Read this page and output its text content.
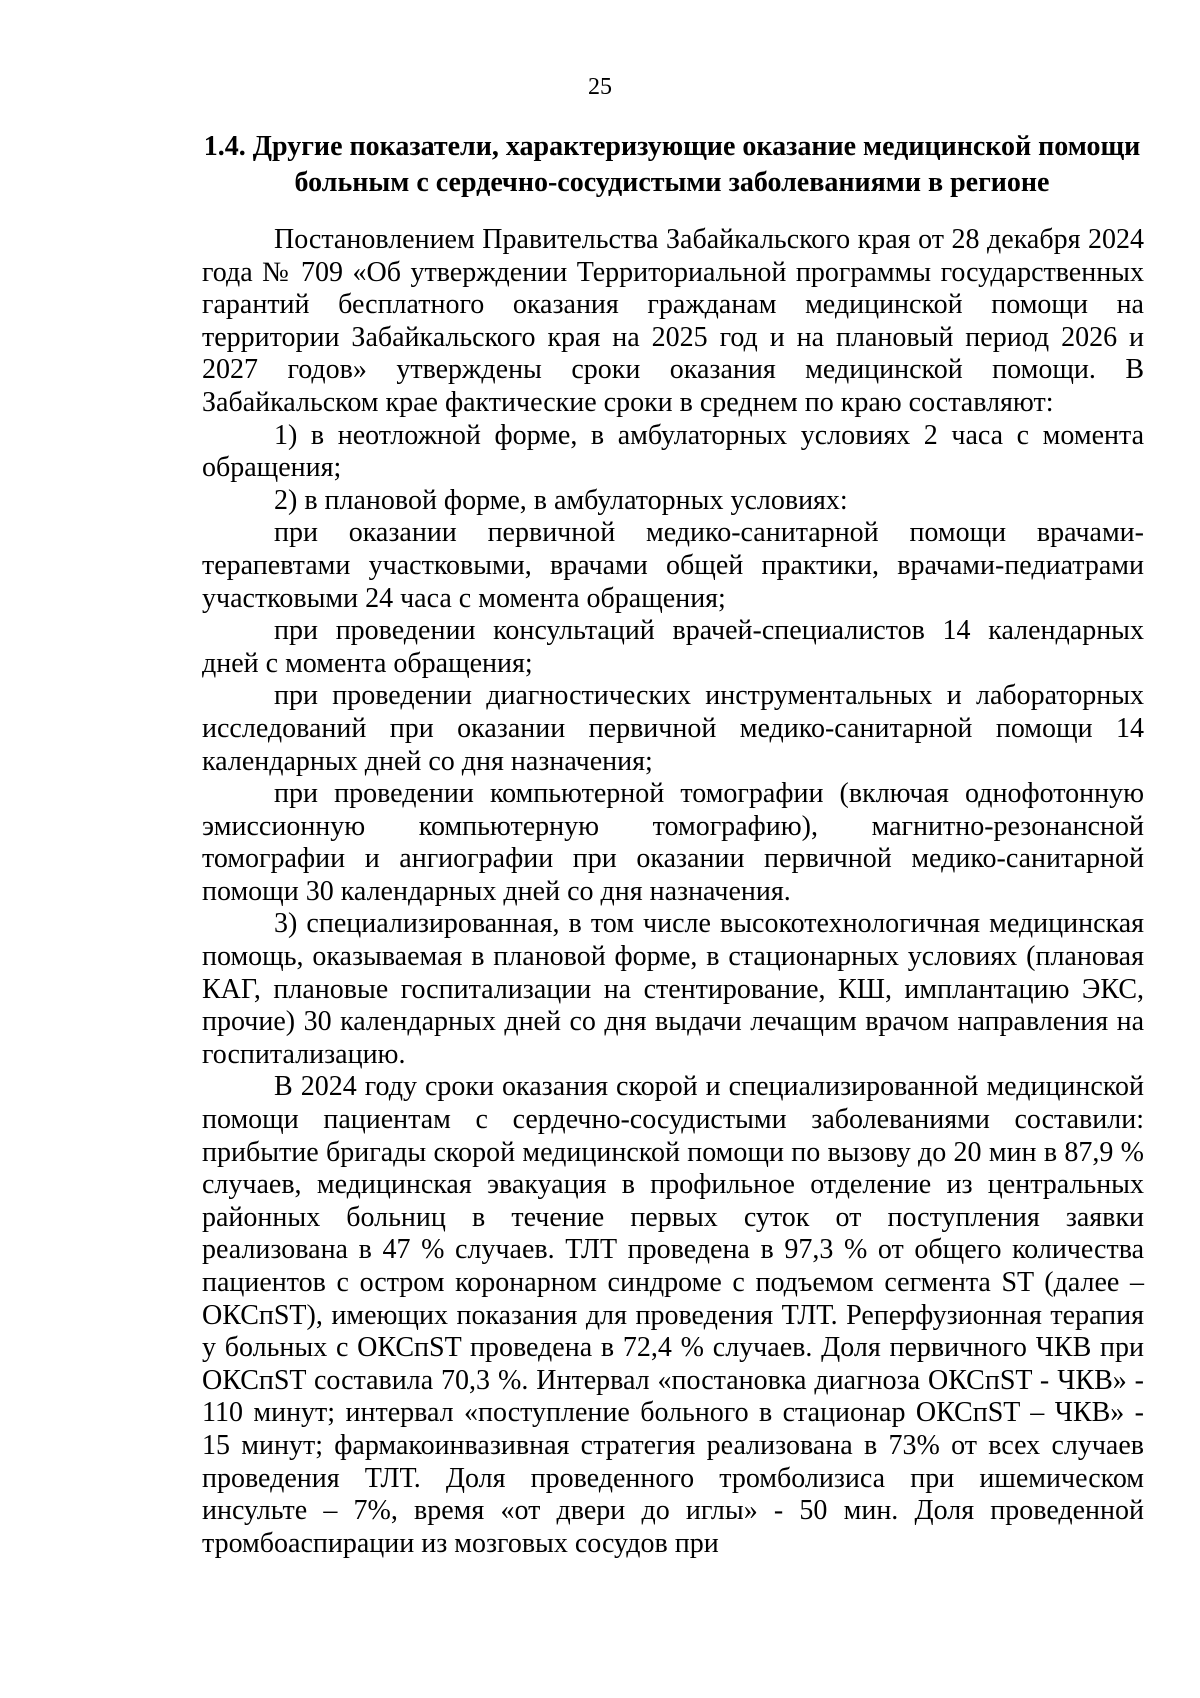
25

1.4. Другие показатели, характеризующие оказание медицинской помощи больным с сердечно-сосудистыми заболеваниями в регионе

Постановлением Правительства Забайкальского края от 28 декабря 2024 года № 709 «Об утверждении Территориальной программы государственных гарантий бесплатного оказания гражданам медицинской помощи на территории Забайкальского края на 2025 год и на плановый период 2026 и 2027 годов» утверждены сроки оказания медицинской помощи. В Забайкальском крае фактические сроки в среднем по краю составляют:

1) в неотложной форме, в амбулаторных условиях 2 часа с момента обращения;

2) в плановой форме, в амбулаторных условиях:

при оказании первичной медико-санитарной помощи врачами-терапевтами участковыми, врачами общей практики, врачами-педиатрами участковыми 24 часа с момента обращения;

при проведении консультаций врачей-специалистов 14 календарных дней с момента обращения;

при проведении диагностических инструментальных и лабораторных исследований при оказании первичной медико-санитарной помощи 14 календарных дней со дня назначения;

при проведении компьютерной томографии (включая однофотонную эмиссионную компьютерную томографию), магнитно-резонансной томографии и ангиографии при оказании первичной медико-санитарной помощи 30 календарных дней со дня назначения.

3) специализированная, в том числе высокотехнологичная медицинская помощь, оказываемая в плановой форме, в стационарных условиях (плановая КАГ, плановые госпитализации на стентирование, КШ, имплантацию ЭКС, прочие) 30 календарных дней со дня выдачи лечащим врачом направления на госпитализацию.

В 2024 году сроки оказания скорой и специализированной медицинской помощи пациентам с сердечно-сосудистыми заболеваниями составили: прибытие бригады скорой медицинской помощи по вызову до 20 мин в 87,9 % случаев, медицинская эвакуация в профильное отделение из центральных районных больниц в течение первых суток от поступления заявки реализована в 47 % случаев. ТЛТ проведена в 97,3 % от общего количества пациентов с остром коронарном синдроме с подъемом сегмента ST (далее – ОКСпST), имеющих показания для проведения ТЛТ. Реперфузионная терапия у больных с ОКСпST проведена в 72,4 % случаев. Доля первичного ЧКВ при ОКСпST составила 70,3 %. Интервал «постановка диагноза ОКСпST - ЧКВ» - 110 минут; интервал «поступление больного в стационар ОКСпST – ЧКВ» - 15 минут; фармакоинвазивная стратегия реализована в 73% от всех случаев проведения ТЛТ. Доля проведенного тромболизиса при ишемическом инсульте – 7%, время «от двери до иглы» - 50 мин. Доля проведенной тромбоаспирации из мозговых сосудов при
